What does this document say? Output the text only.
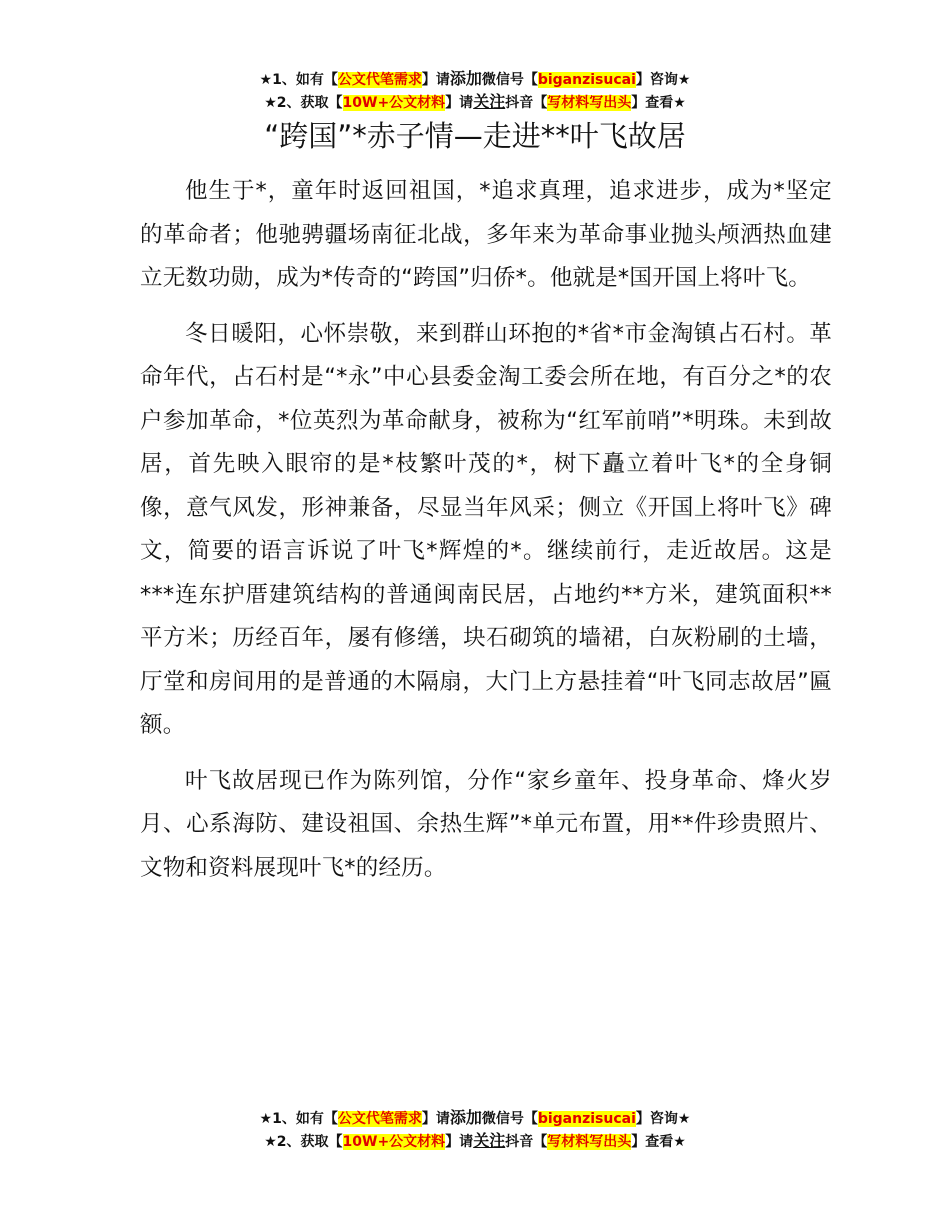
★1、如有【公文代笔需求】请添加微信号【biganzisucai】咨询★
★2、获取【10W+公文材料】请关注抖音【写材料写出头】查看★
“跨国”*赤子情—走进**叶飞故居

他生于*，童年时返回祖国，*追求真理，追求进步，成为*坚定的革命者；他驰骋疆场南征北战，多年来为革命事业抛头颅洒热血建立无数功勋，成为*传奇的“跨国”归侨*。他就是*国开国上将叶飞。

冬日暖阳，心怀崇敬，来到群山环抱的*省*市金淘镇占石村。革命年代，占石村是“*永”中心县委金淘工委会所在地，有百分之*的农户参加革命，*位英烈为革命献身，被称为“红军前哨”*明珠。未到故居，首先映入眼帘的是*枝繁叶茂的*，树下矗立着叶飞*的全身铜像，意气风发，形神兼备，尽显当年风采；侧立《开国上将叶飞》碑文，简要的语言诉说了叶飞*辉煌的*。继续前行，走近故居。这是***连东护厝建筑结构的普通闽南民居，占地约**方米，建筑面积**平方米；历经百年，屡有修缮，块石砌筑的墙裙，白灰粉刷的土墙，厅堂和房间用的是普通的木隔扇，大门上方悬挂着“叶飞同志故居”匾额。

叶飞故居现已作为陈列馆，分作“家乡童年、投身革命、烽火岁月、心系海防、建设祖国、余热生辉”*单元布置，用**件珍贵照片、文物和资料展现叶飞*的经历。

★1、如有【公文代笔需求】请添加微信号【biganzisucai】咨询★
★2、获取【10W+公文材料】请关注抖音【写材料写出头】查看★
